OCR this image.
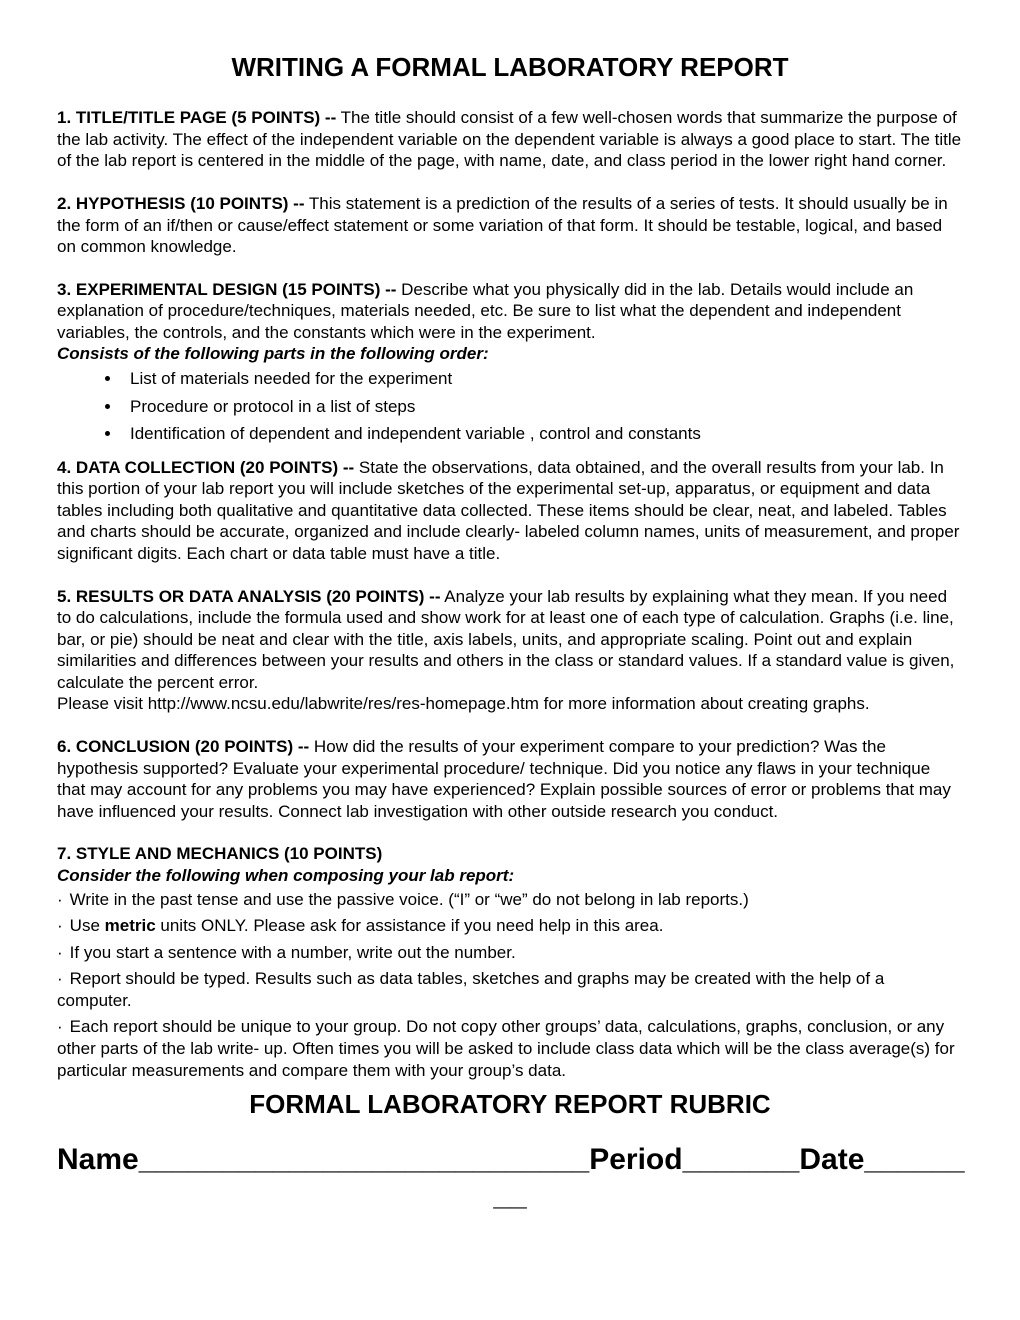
WRITING A FORMAL LABORATORY REPORT

1. TITLE/TITLE PAGE (5 POINTS) -- The title should consist of a few well-chosen words that summarize the purpose of the lab activity. The effect of the independent variable on the dependent variable is always a good place to start. The title of the lab report is centered in the middle of the page, with name, date, and class period in the lower right hand corner.

2. HYPOTHESIS (10 POINTS) -- This statement is a prediction of the results of a series of tests. It should usually be in the form of an if/then or cause/effect statement or some variation of that form. It should be testable, logical, and based on common knowledge.

3. EXPERIMENTAL DESIGN (15 POINTS) -- Describe what you physically did in the lab. Details would include an explanation of procedure/techniques, materials needed, etc. Be sure to list what the dependent and independent variables, the controls, and the constants which were in the experiment.

Consists of the following parts in the following order:
• List of materials needed for the experiment
• Procedure or protocol in a list of steps
• Identification of dependent and independent variable , control and constants

4. DATA COLLECTION (20 POINTS) -- State the observations, data obtained, and the overall results from your lab. In this portion of your lab report you will include sketches of the experimental set-up, apparatus, or equipment and data tables including both qualitative and quantitative data collected. These items should be clear, neat, and labeled. Tables and charts should be accurate, organized and include clearly- labeled column names, units of measurement, and proper significant digits. Each chart or data table must have a title.

5. RESULTS OR DATA ANALYSIS (20 POINTS) -- Analyze your lab results by explaining what they mean. If you need to do calculations, include the formula used and show work for at least one of each type of calculation. Graphs (i.e. line, bar, or pie) should be neat and clear with the title, axis labels, units, and appropriate scaling. Point out and explain similarities and differences between your results and others in the class or standard values. If a standard value is given, calculate the percent error.

Please visit http://www.ncsu.edu/labwrite/res/res-homepage.htm for more information about creating graphs.

6. CONCLUSION (20 POINTS) -- How did the results of your experiment compare to your prediction? Was the hypothesis supported? Evaluate your experimental procedure/ technique. Did you notice any flaws in your technique that may account for any problems you may have experienced? Explain possible sources of error or problems that may have influenced your results. Connect lab investigation with other outside research you conduct.

7. STYLE AND MECHANICS (10 POINTS)

Consider the following when composing your lab report:

· Write in the past tense and use the passive voice. (“I” or “we” do not belong in lab reports.)

· Use metric units ONLY. Please ask for assistance if you need help in this area.

· If you start a sentence with a number, write out the number.

· Report should be typed. Results such as data tables, sketches and graphs may be created with the help of a computer.

· Each report should be unique to your group. Do not copy other groups’ data, calculations, graphs, conclusion, or any other parts of the lab write- up. Often times you will be asked to include class data which will be the class average(s) for particular measurements and compare them with your group’s data.

FORMAL LABORATORY REPORT RUBRIC
Name___________________________Period_______Date______
__
